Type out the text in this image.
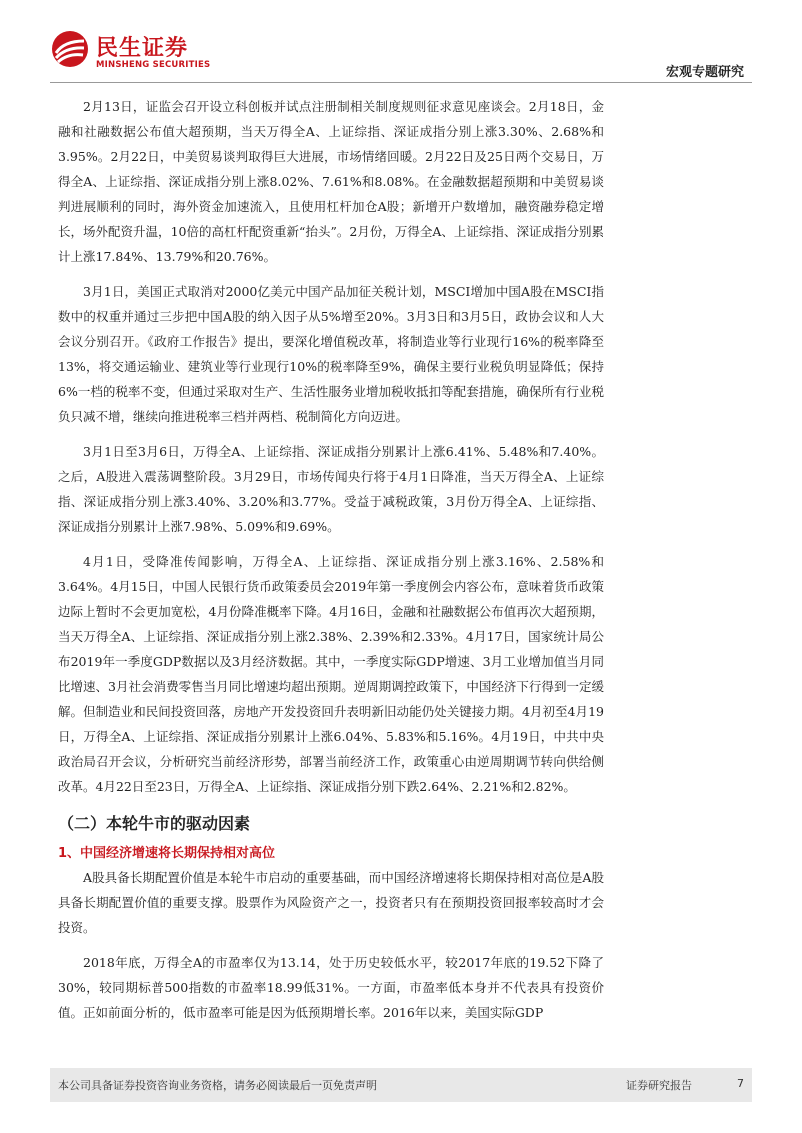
民生证券
MINSHENG SECURITIES	宏观专题研究

2月13日，证监会召开设立科创板并试点注册制相关制度规则征求意见座谈会。2月18日，金融和社融数据公布值大超预期，当天万得全A、上证综指、深证成指分别上涨3.30%、2.68%和3.95%。2月22日，中美贸易谈判取得巨大进展，市场情绪回暖。2月22日及25日两个交易日，万得全A、上证综指、深证成指分别上涨8.02%、7.61%和8.08%。在金融数据超预期和中美贸易谈判进展顺利的同时，海外资金加速流入，且使用杠杆加仓A股；新增开户数增加，融资融券稳定增长，场外配资升温，10倍的高杠杆配资重新“抬头”。2月份，万得全A、上证综指、深证成指分别累计上涨17.84%、13.79%和20.76%。

3月1日，美国正式取消对2000亿美元中国产品加征关税计划，MSCI增加中国A股在MSCI指数中的权重并通过三步把中国A股的纳入因子从5%增至20%。3月3日和3月5日，政协会议和人大会议分别召开。《政府工作报告》提出，要深化增值税改革，将制造业等行业现行16%的税率降至13%，将交通运输业、建筑业等行业现行10%的税率降至9%，确保主要行业税负明显降低；保持6%一档的税率不变，但通过采取对生产、生活性服务业增加税收抵扣等配套措施，确保所有行业税负只减不增，继续向推进税率三档并两档、税制简化方向迈进。

3月1日至3月6日，万得全A、上证综指、深证成指分别累计上涨6.41%、5.48%和7.40%。之后，A股进入震荡调整阶段。3月29日，市场传闻央行将于4月1日降准，当天万得全A、上证综指、深证成指分别上涨3.40%、3.20%和3.77%。受益于减税政策，3月份万得全A、上证综指、深证成指分别累计上涨7.98%、5.09%和9.69%。

4月1日，受降准传闻影响，万得全A、上证综指、深证成指分别上涨3.16%、2.58%和3.64%。4月15日，中国人民银行货币政策委员会2019年第一季度例会内容公布，意味着货币政策边际上暂时不会更加宽松，4月份降准概率下降。4月16日，金融和社融数据公布值再次大超预期，当天万得全A、上证综指、深证成指分别上涨2.38%、2.39%和2.33%。4月17日，国家统计局公布2019年一季度GDP数据以及3月经济数据。其中，一季度实际GDP增速、3月工业增加值当月同比增速、3月社会消费零售当月同比增速均超出预期。逆周期调控政策下，中国经济下行得到一定缓解。但制造业和民间投资回落，房地产开发投资回升表明新旧动能仍处关键接力期。4月初至4月19日，万得全A、上证综指、深证成指分别累计上涨6.04%、5.83%和5.16%。4月19日，中共中央政治局召开会议，分析研究当前经济形势，部署当前经济工作，政策重心由逆周期调节转向供给侧改革。4月22日至23日，万得全A、上证综指、深证成指分别下跌2.64%、2.21%和2.82%。

（二）本轮牛市的驱动因素
1、中国经济增速将长期保持相对高位

A股具备长期配置价值是本轮牛市启动的重要基础，而中国经济增速将长期保持相对高位是A股具备长期配置价值的重要支撑。股票作为风险资产之一，投资者只有在预期投资回报率较高时才会投资。

2018年底，万得全A的市盈率仅为13.14，处于历史较低水平，较2017年底的19.52下降了30%，较同期标普500指数的市盈率18.99低31%。一方面，市盈率低本身并不代表具有投资价值。正如前面分析的，低市盈率可能是因为低预期增长率。2016年以来，美国实际GDP

本公司具备证券投资咨询业务资格，请务必阅读最后一页免责声明	证券研究报告	7
